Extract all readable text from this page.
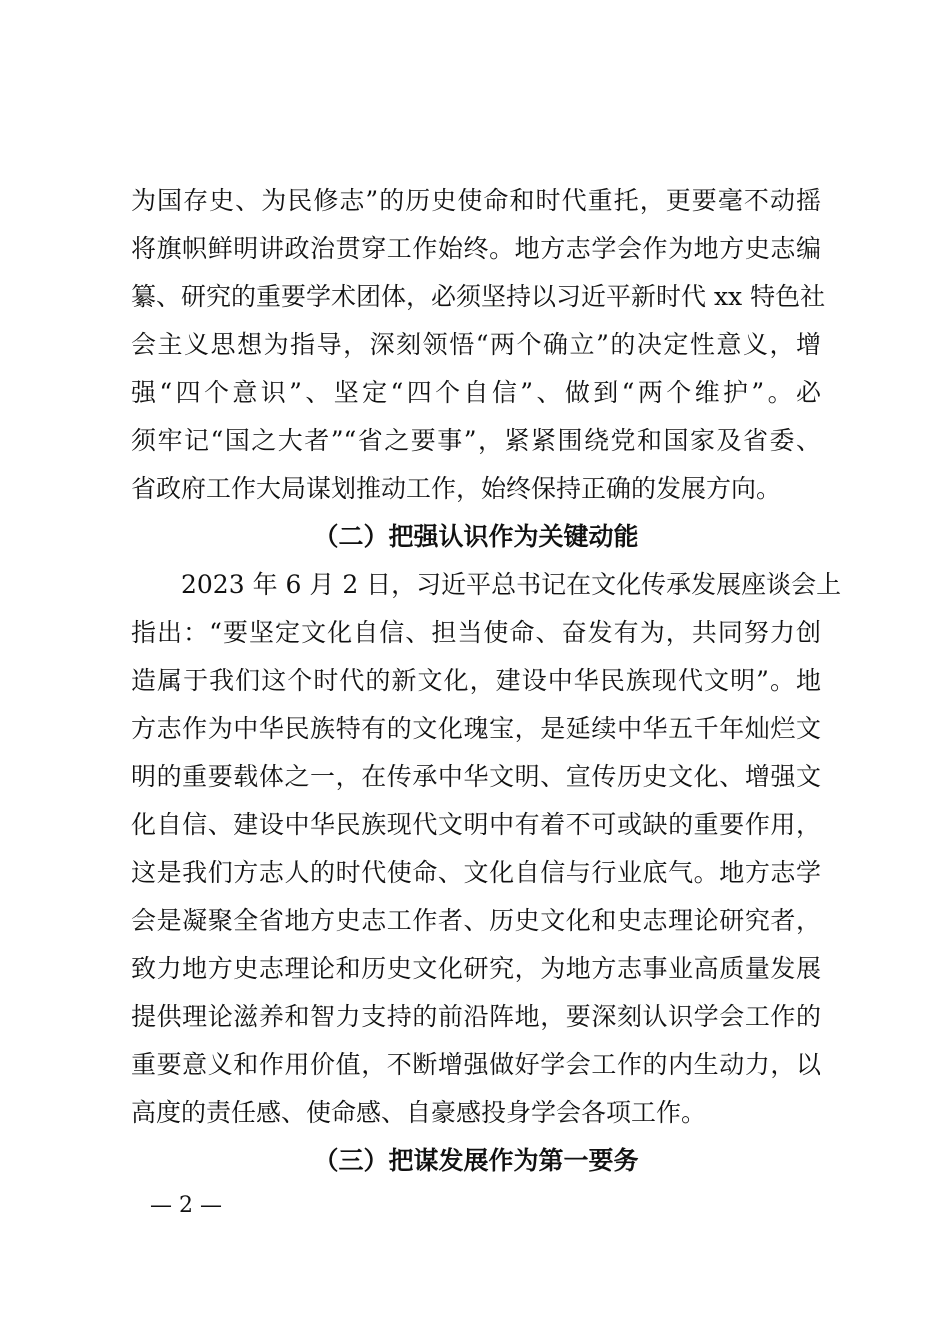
为国存史、为民修志”的历史使命和时代重托，更要毫不动摇
将旗帜鲜明讲政治贯穿工作始终。地方志学会作为地方史志编
纂、研究的重要学术团体，必须坚持以习近平新时代 xx 特色社
会主义思想为指导，深刻领悟“两个确立”的决定性意义，增
强“四个意识”、坚定“四个自信”、做到“两个维护”。必
须牢记“国之大者”“省之要事”，紧紧围绕党和国家及省委、
省政府工作大局谋划推动工作，始终保持正确的发展方向。
（二）把强认识作为关键动能
2023 年 6 月 2 日，习近平总书记在文化传承发展座谈会上
指出：“要坚定文化自信、担当使命、奋发有为，共同努力创
造属于我们这个时代的新文化，建设中华民族现代文明”。地
方志作为中华民族特有的文化瑰宝，是延续中华五千年灿烂文
明的重要载体之一，在传承中华文明、宣传历史文化、增强文
化自信、建设中华民族现代文明中有着不可或缺的重要作用，
这是我们方志人的时代使命、文化自信与行业底气。地方志学
会是凝聚全省地方史志工作者、历史文化和史志理论研究者，
致力地方史志理论和历史文化研究，为地方志事业高质量发展
提供理论滋养和智力支持的前沿阵地，要深刻认识学会工作的
重要意义和作用价值，不断增强做好学会工作的内生动力，以
高度的责任感、使命感、自豪感投身学会各项工作。
（三）把谋发展作为第一要务
— 2 —
